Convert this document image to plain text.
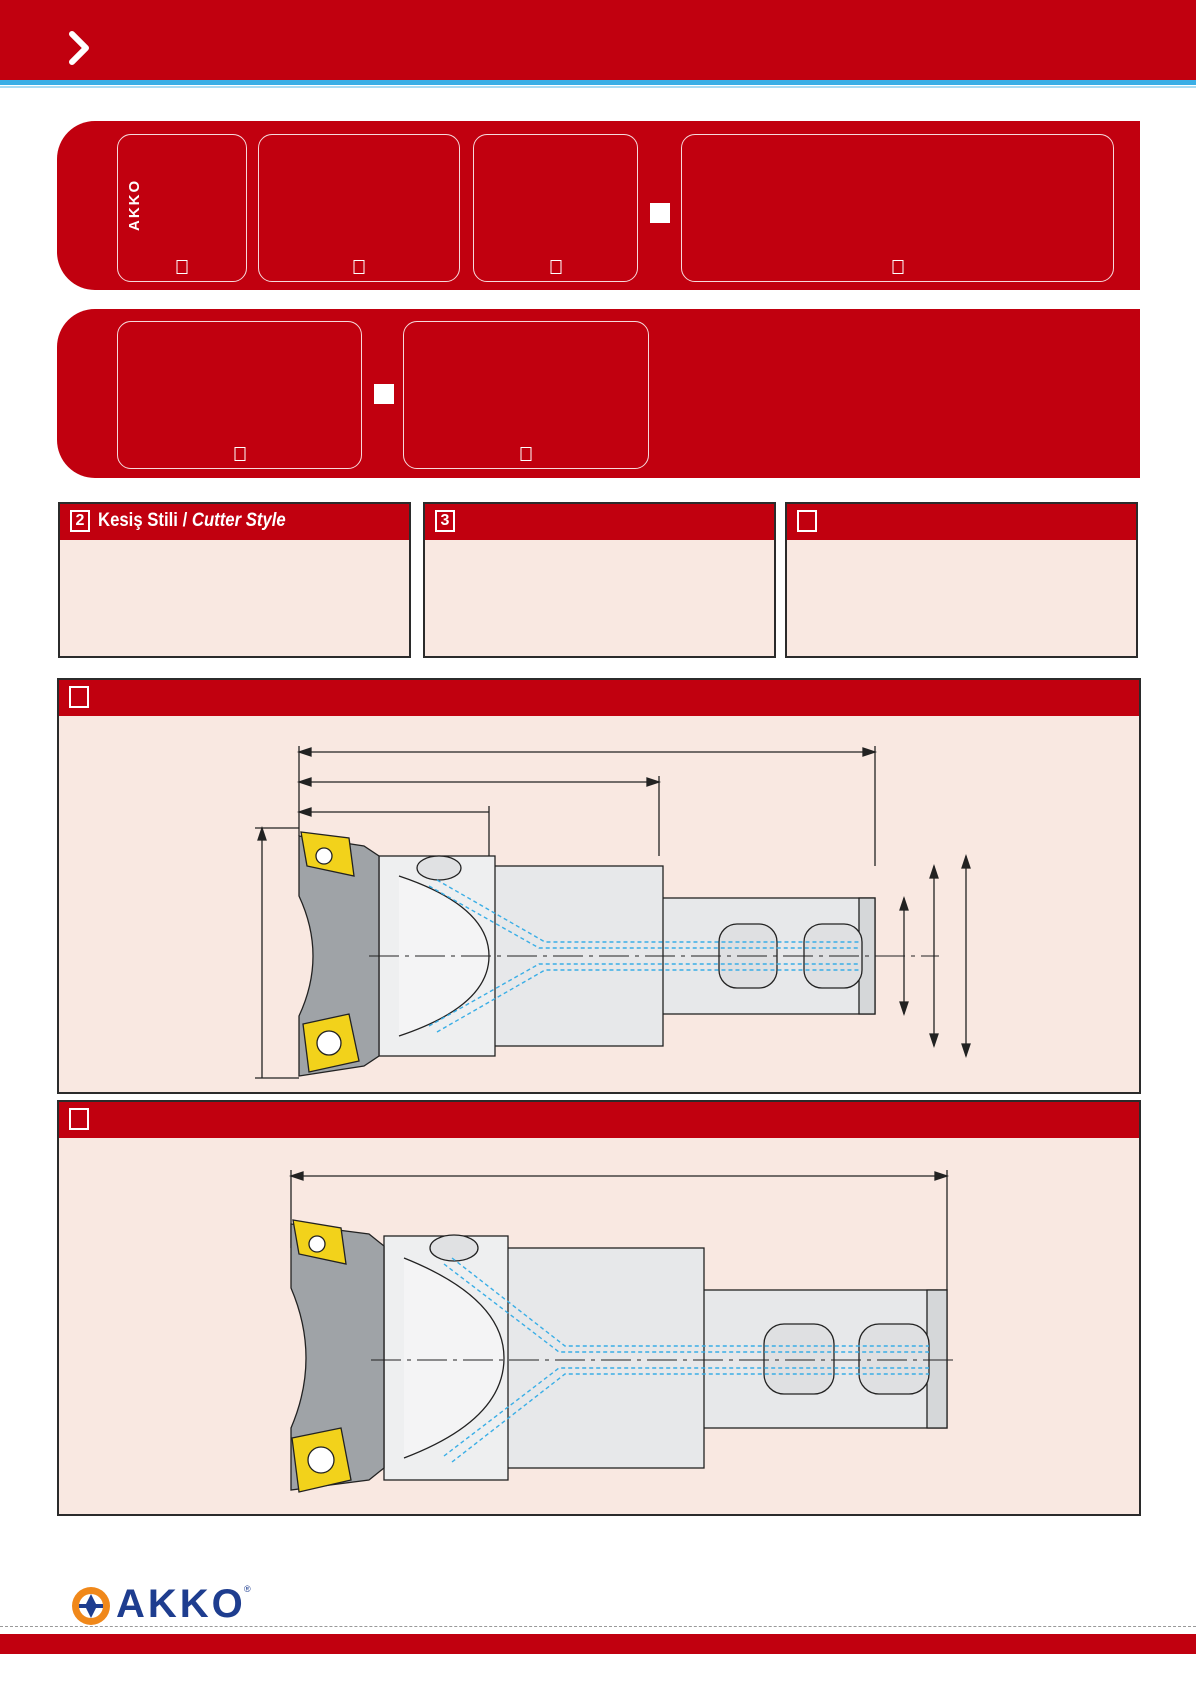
AKKO
2 Kesiş Stili / Cutter Style	3
AKKO
®
